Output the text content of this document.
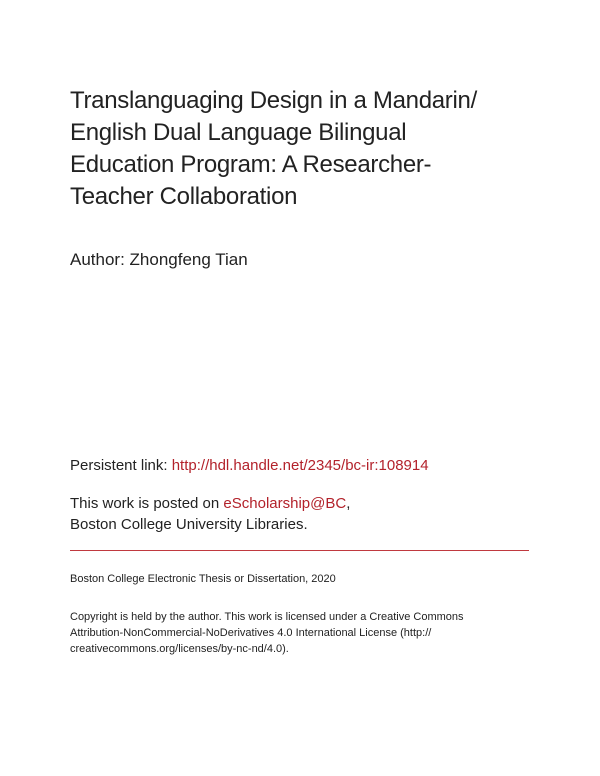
Translanguaging Design in a Mandarin/
English Dual Language Bilingual
Education Program: A Researcher-
Teacher Collaboration
Author: Zhongfeng Tian
Persistent link: http://hdl.handle.net/2345/bc-ir:108914
This work is posted on eScholarship@BC,
Boston College University Libraries.
Boston College Electronic Thesis or Dissertation, 2020
Copyright is held by the author. This work is licensed under a Creative Commons
Attribution-NonCommercial-NoDerivatives 4.0 International License (http://
creativecommons.org/licenses/by-nc-nd/4.0).
